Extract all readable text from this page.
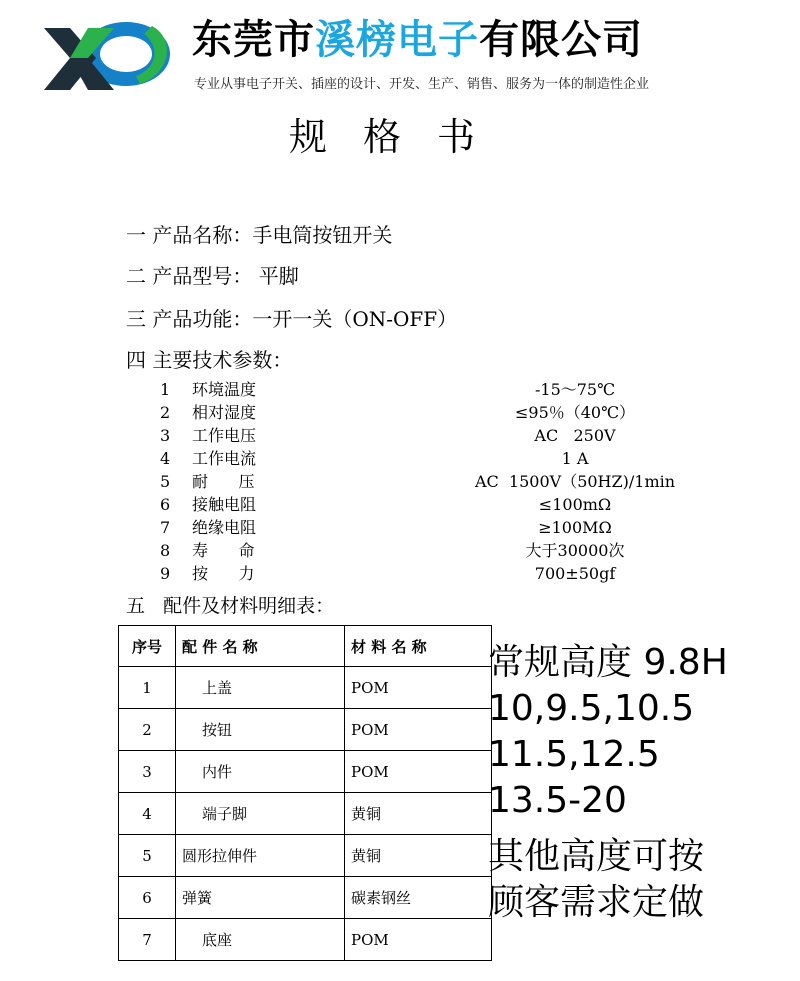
东莞市溪榜电子有限公司
专业从事电子开关、插座的设计、开发、生产、销售、服务为一体的制造性企业
规格书
一 产品名称：手电筒按钮开关
二 产品型号： 平脚
三 产品功能：一开一关（ON-OFF）
四 主要技术参数：
1 环境温度	-15～75℃
2 相对湿度	≤95％（40℃）
3 工作电压	AC   250V
4 工作电流	1 A
5 耐      压	AC  1500V（50HZ)/1min
6 接触电阻	≤100mΩ
7 绝缘电阻	≥100MΩ
8 寿      命	大于30000次
9 按      力	700±50gf
五   配件及材料明细表：
序号	配 件 名 称	材 料 名 称
1	上盖	POM
2	按钮	POM
3	内件	POM
4	端子脚	黄铜
5	圆形拉伸件	黄铜
6	弹簧	碳素钢丝
7	底座	POM
常规高度 9.8H
10,9.5,10.5
11.5,12.5
13.5-20
其他高度可按
顾客需求定做
